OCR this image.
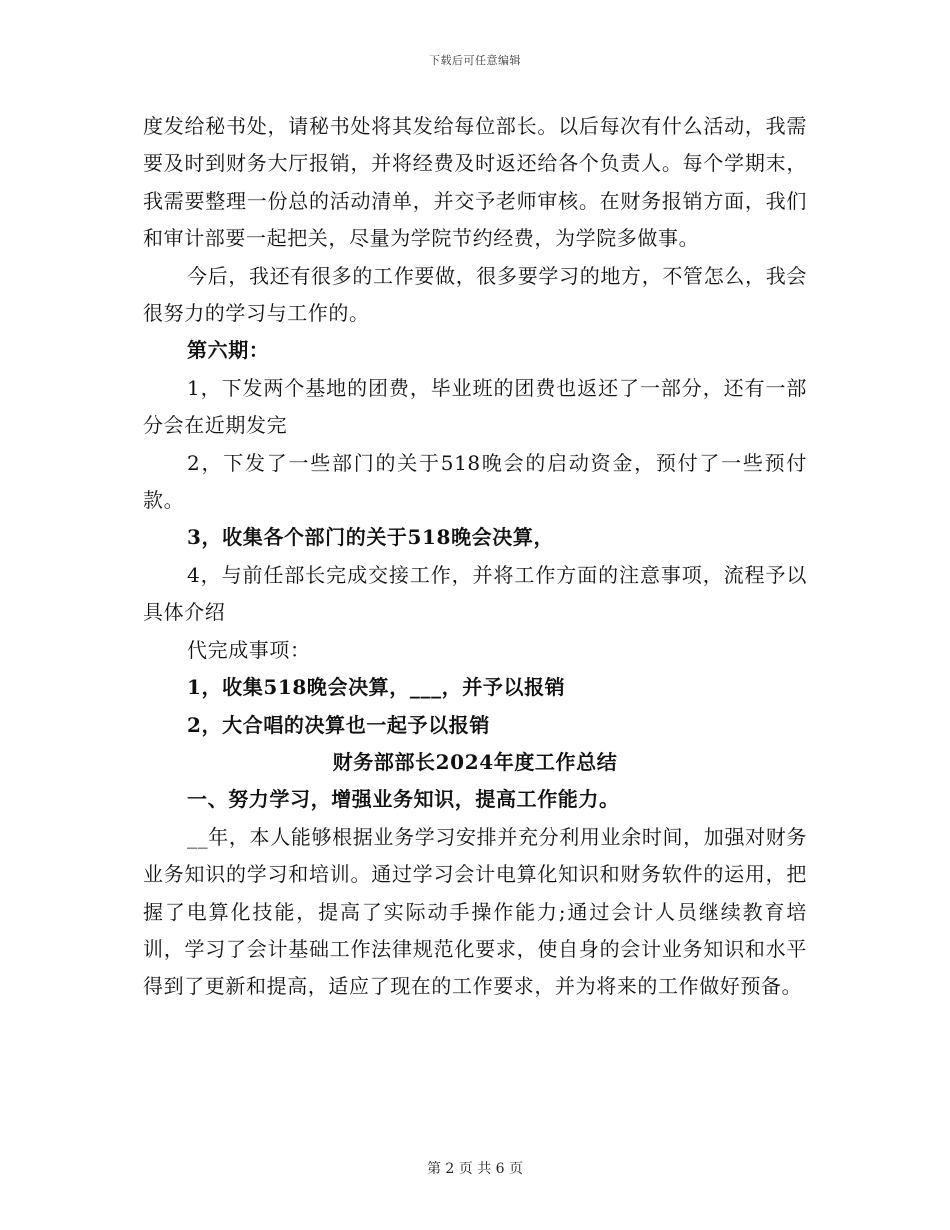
下载后可任意编辑

度发给秘书处，请秘书处将其发给每位部长。以后每次有什么活动，我需要及时到财务大厅报销，并将经费及时返还给各个负责人。每个学期末，我需要整理一份总的活动清单，并交予老师审核。在财务报销方面，我们和审计部要一起把关，尽量为学院节约经费，为学院多做事。

今后，我还有很多的工作要做，很多要学习的地方，不管怎么，我会很努力的学习与工作的。

第六期：

1，下发两个基地的团费，毕业班的团费也返还了一部分，还有一部分会在近期发完

2，下发了一些部门的关于518晚会的启动资金，预付了一些预付款。

3，收集各个部门的关于518晚会决算，

4，与前任部长完成交接工作，并将工作方面的注意事项，流程予以具体介绍

代完成事项：

1，收集518晚会决算，___，并予以报销

2，大合唱的决算也一起予以报销

财务部部长2024年度工作总结

一、努力学习，增强业务知识，提高工作能力。

__年，本人能够根据业务学习安排并充分利用业余时间，加强对财务业务知识的学习和培训。通过学习会计电算化知识和财务软件的运用，把握了电算化技能，提高了实际动手操作能力;通过会计人员继续教育培训，学习了会计基础工作法律规范化要求，使自身的会计业务知识和水平得到了更新和提高，适应了现在的工作要求，并为将来的工作做好预备。

第 2 页 共 6 页
